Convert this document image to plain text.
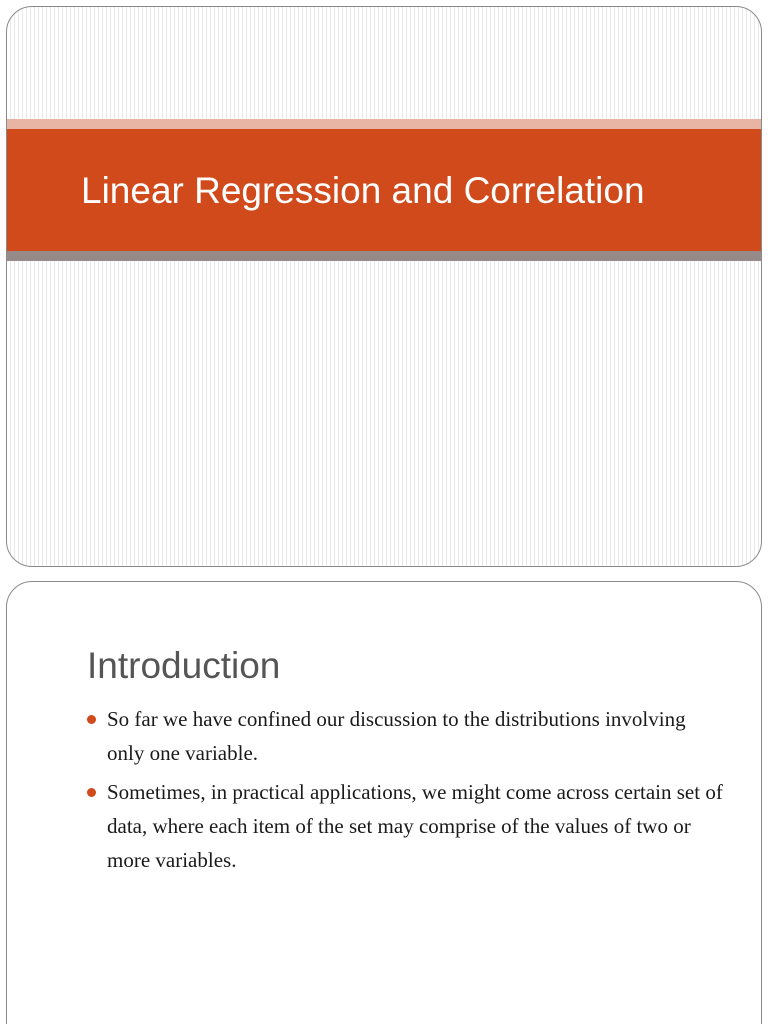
Linear Regression and Correlation
Introduction
So far we have confined our discussion to the distributions involving only one variable.
Sometimes, in practical applications, we might come across certain set of data, where each item of the set may comprise of the values of two or more variables.
